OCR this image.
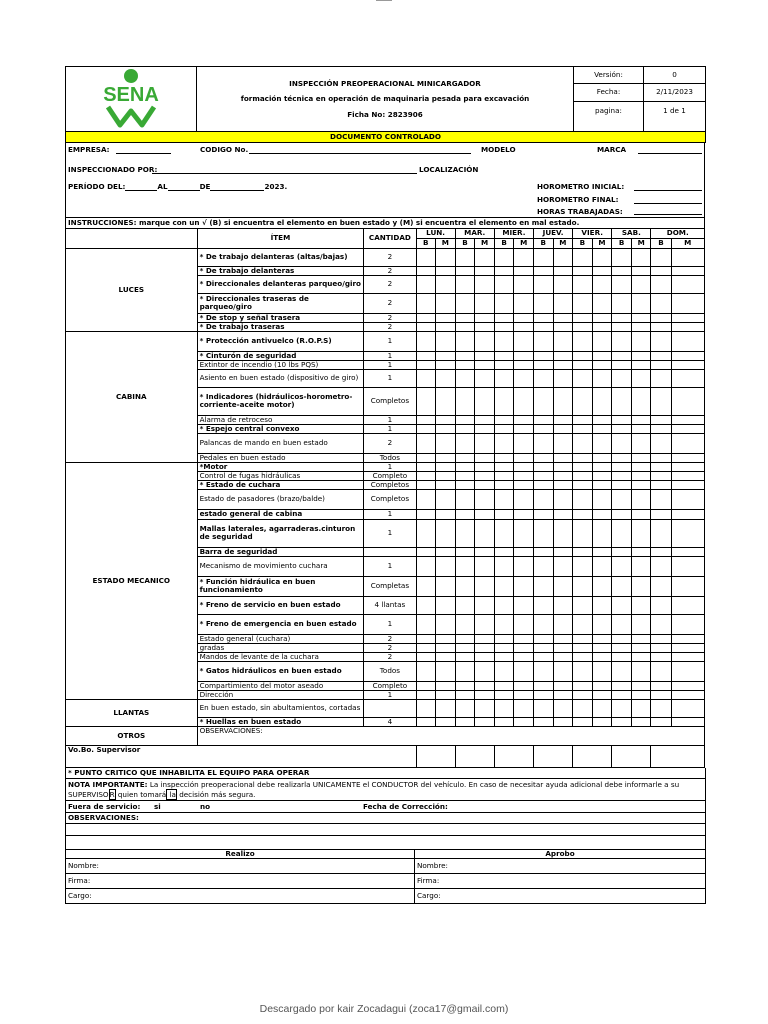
SENA	INSPECCIÓN PREOPERACIONAL MINICARGADOR
formación técnica en operación de maquinaria pesada para excavación
Ficha No: 2823906	Versión:	0
		Fecha:	2/11/2023
		pagina:	1 de 1
DOCUMENTO CONTROLADO			
EMPRESA:	CODIGO No.	MODELO	MARCA
INSPECCIONADO POR:	LOCALIZACIÓN
PERÍODO DEL:	AL	DE	2023.	HOROMETRO INICIAL:
HOROMETRO FINAL:
HORAS TRABAJADAS:
INSTRUCCIONES: marque con un √ (B) si encuentra el elemento en buen estado y (M) si encuentra el elemento en mal estado.																
	ÍTEM	CANTIDAD	LUN.		MAR.		MIER.		JUEV.		VIER.		SAB.		DOM.	
			B	M	B	M	B	M	B	M	B	M	B	M	B	M
LUCES	* De trabajo delanteras (altas/bajas)	2														
	* De trabajo delanteras	2														
	* Direccionales delanteras parqueo/giro	2														
	* Direccionales traseras de parqueo/giro	2														
	* De stop y señal trasera	2														
	* De trabajo traseras	2														
CABINA	* Protección antivuelco (R.O.P.S)	1														
	* Cinturón de seguridad	1														
	Extintor de incendio (10 lbs PQS)	1														
	Asiento en buen estado (dispositivo de giro)	1														
	* Indicadores (hidráulicos-horometro-corriente-aceite motor)	Completos														
	Alarma de retroceso	1														
	* Espejo central convexo	1														
	Palancas de mando en buen estado	2														
	Pedales en buen estado	Todos														
ESTADO MECANICO	*Motor	1														
	Control de fugas hidráulicas	Completo														
	* Estado de cuchara	Completos														
	Estado de pasadores (brazo/balde)	Completos														
	estado general de cabina	1														
	Mallas laterales, agarraderas.cinturon de seguridad	1														
	Barra de seguridad															
	Mecanismo de movimiento cuchara	1														
	* Función hidráulica en buen funcionamiento	Completas														
	* Freno de servicio en buen estado	4 llantas														
	* Freno de emergencia en buen estado	1														
	Estado general (cuchara)	2														
	gradas	2														
	Mandos de levante de la cuchara	2														
	* Gatos hidráulicos en buen estado	Todos														
	Compartimiento del motor aseado	Completo														
	Dirección	1														
LLANTAS	En buen estado, sin abultamientos, cortadas															
	* Huellas en buen estado	4														
OTROS	OBSERVACIONES:															
Vo.Bo. Supervisor																
* PUNTO CRITICO QUE INHABILITA EL EQUIPO PARA OPERAR	
NOTA IMPORTANTE: La inspección preoperacional debe realizarla UNICAMENTE el CONDUCTOR del vehículo. En caso de necesitar ayuda adicional debe informarle a su SUPERVISOR quien tomará la decisión más segura.	
Fuera de servicio: si no Fecha de Corrección:	

OBSERVACIONES:	

Realizo	Aprobo
Nombre:	Nombre:
Firma:	Firma:
Cargo:	Cargo:
Descargado por kair Zocadagui (zoca17@gmail.com)
